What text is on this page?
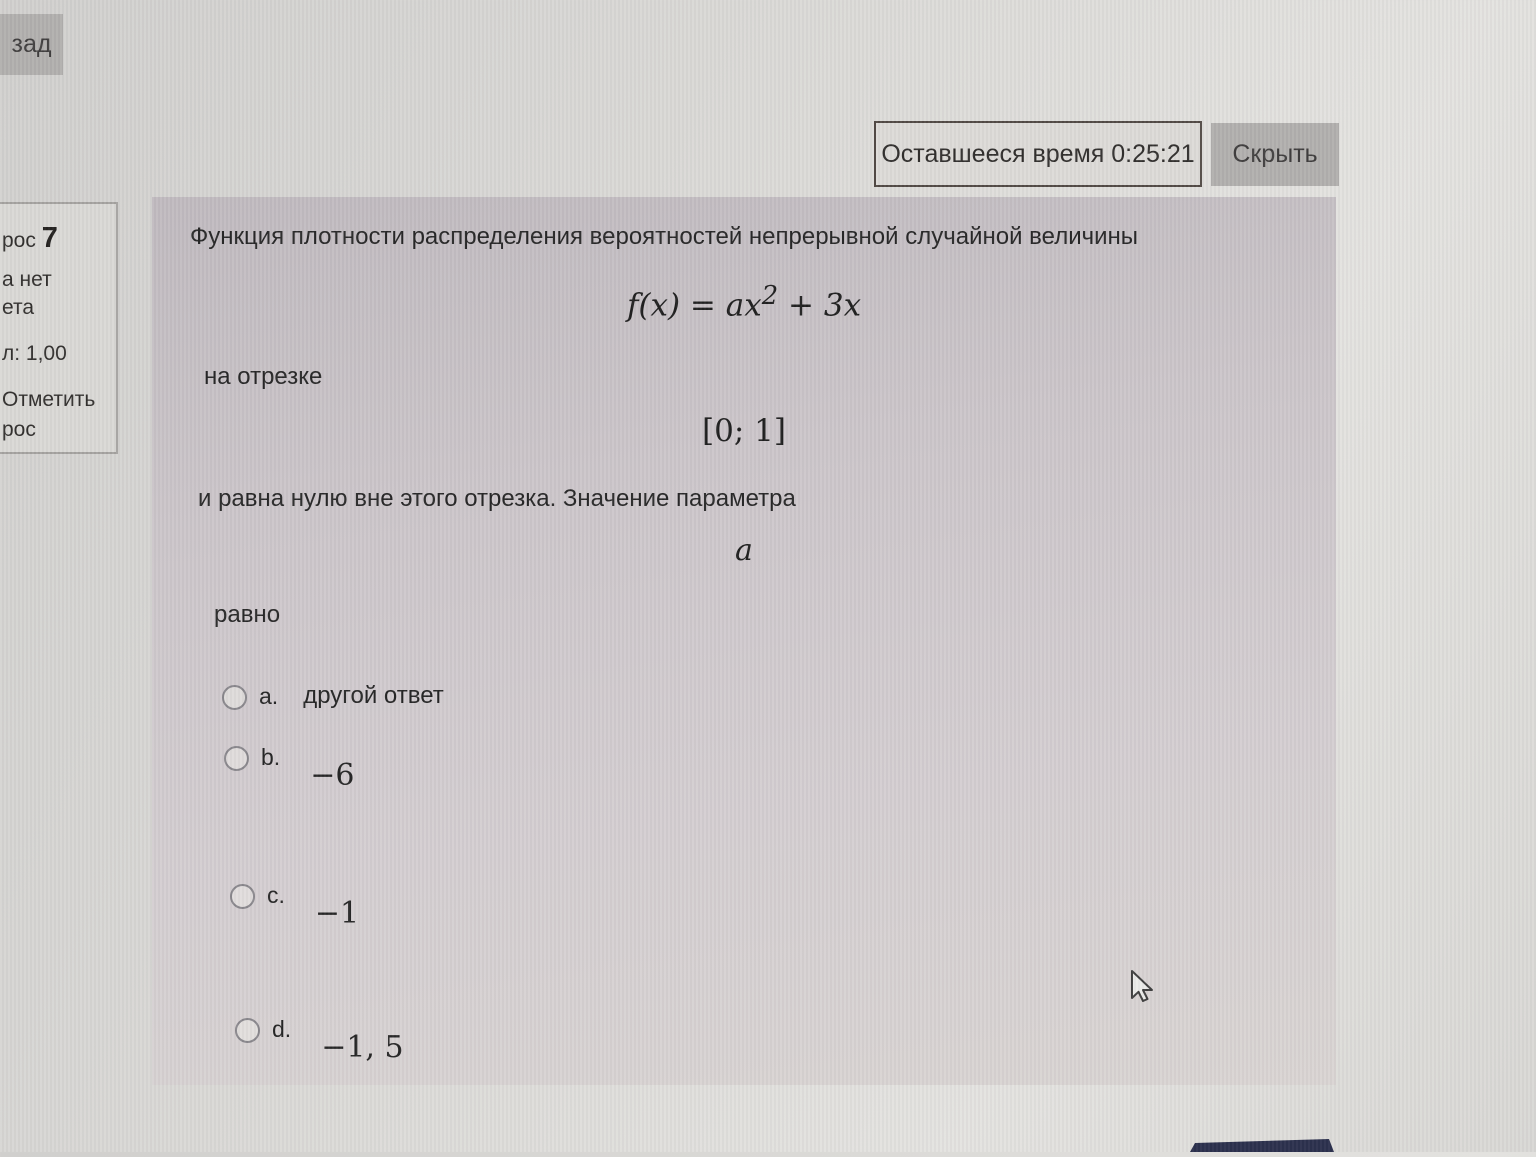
зад
Оставшееся время 0:25:21	Скрыть
рос 7
а нет
ета
л: 1,00
Отметить
рос
Функция плотности распределения вероятностей непрерывной случайной величины
$f(x) = ax^2 + 3x$
на отрезке
[0; 1]
и равна нулю вне этого отрезка. Значение параметра
a
равно
a. другой ответ
b.
−6
c.
−1
d.
−1, 5
